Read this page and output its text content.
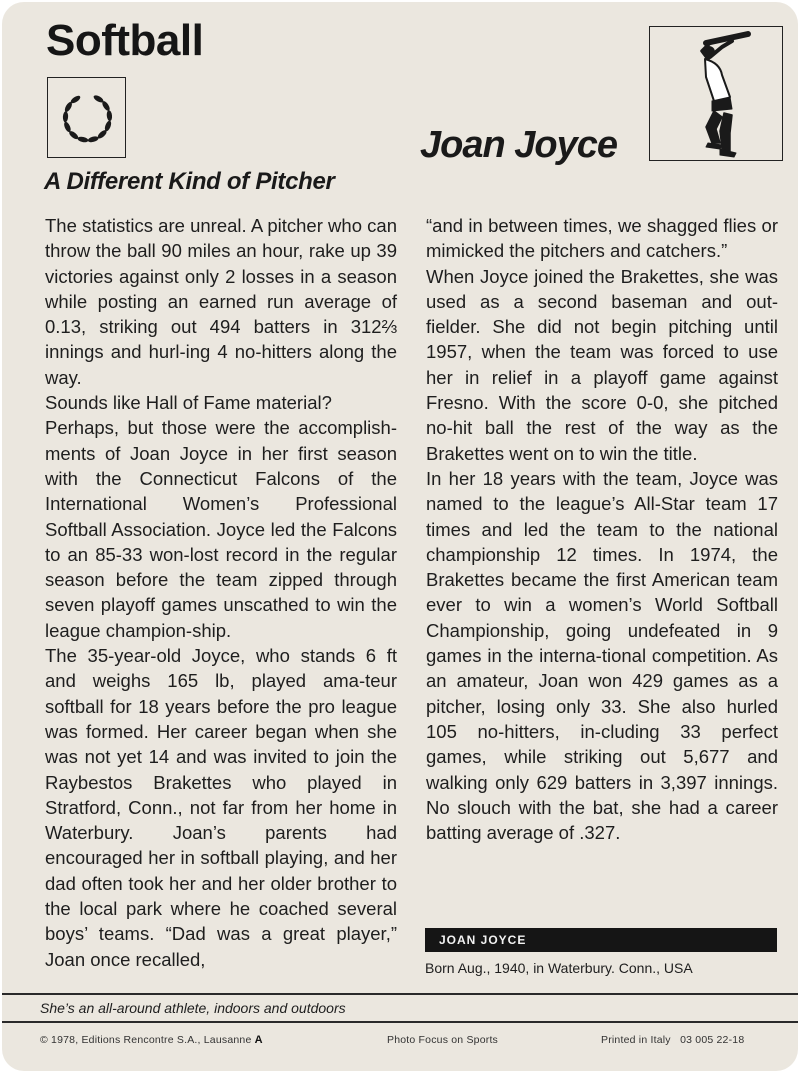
Softball
Joan Joyce
A Different Kind of Pitcher

The statistics are unreal. A pitcher who can throw the ball 90 miles an hour, rake up 39 victories against only 2 losses in a season while posting an earned run average of 0.13, striking out 494 batters in 312⅔ innings and hurl-ing 4 no-hitters along the way.

Sounds like Hall of Fame material?

Perhaps, but those were the accomplish-ments of Joan Joyce in her first season with the Connecticut Falcons of the International Women’s Professional Softball Association. Joyce led the Falcons to an 85-33 won-lost record in the regular season before the team zipped through seven playoff games unscathed to win the league champion-ship.

The 35-year-old Joyce, who stands 6 ft and weighs 165 lb, played ama-teur softball for 18 years before the pro league was formed. Her career began when she was not yet 14 and was invited to join the Raybestos Brakettes who played in Stratford, Conn., not far from her home in Waterbury. Joan’s parents had encouraged her in softball playing, and her dad often took her and her older brother to the local park where he coached several boys’ teams. “Dad was a great player,” Joan once recalled,

“and in between times, we shagged flies or mimicked the pitchers and catchers.”

When Joyce joined the Brakettes, she was used as a second baseman and out-fielder. She did not begin pitching until 1957, when the team was forced to use her in relief in a playoff game against Fresno. With the score 0-0, she pitched no-hit ball the rest of the way as the Brakettes went on to win the title.

In her 18 years with the team, Joyce was named to the league’s All-Star team 17 times and led the team to the national championship 12 times. In 1974, the Brakettes became the first American team ever to win a women’s World Softball Championship, going undefeated in 9 games in the interna-tional competition. As an amateur, Joan won 429 games as a pitcher, losing only 33. She also hurled 105 no-hitters, in-cluding 33 perfect games, while striking out 5,677 and walking only 629 batters in 3,397 innings. No slouch with the bat, she had a career batting average of .327.

JOAN JOYCE
Born Aug., 1940, in Waterbury. Conn., USA
She’s an all-around athlete, indoors and outdoors
© 1978, Editions Rencontre S.A., Lausanne A	Photo Focus on Sports	Printed in Italy   03 005 22-18
